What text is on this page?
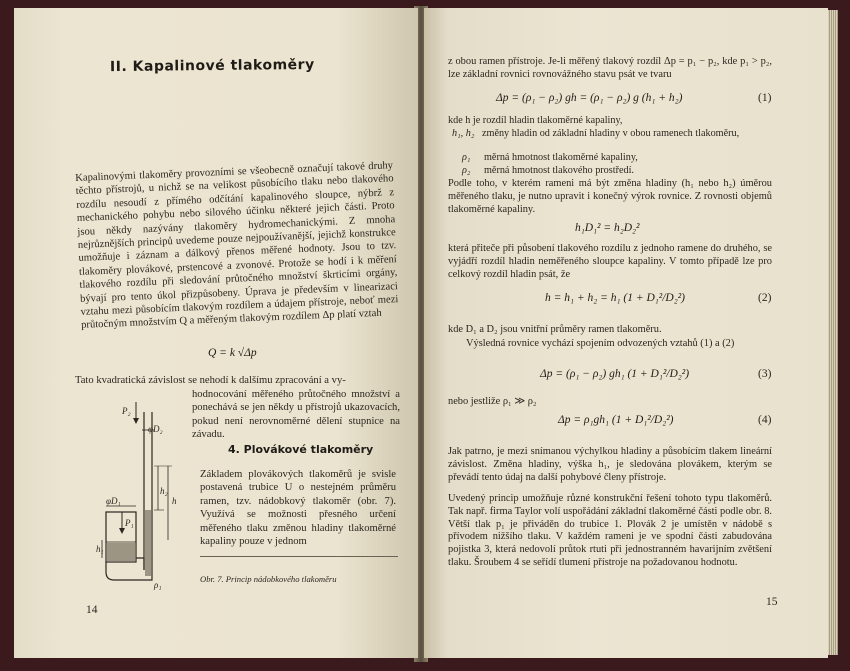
II. Kapalinové tlakoměry

Kapalinovými tlakoměry provozními se všeobecně označují takové druhy těchto přístrojů, u nichž se na velikost působícího tlaku nebo tlakového rozdílu nesoudí z přímého odčítání kapalinového sloupce, nýbrž z mechanického pohybu nebo silového účinku některé jejich části. Proto jsou někdy nazývány tlakoměry hydromechanickými. Z mnoha nejrůznějších principů uvedeme pouze nejpoužívanější, jejichž konstrukce umožňuje i záznam a dálkový přenos měřené hodnoty. Jsou to tzv. tlakoměry plovákové, prstencové a zvonové. Protože se hodí i k měření tlakového rozdílu při sledování průtočného množství škrticími orgány, bývají pro tento úkol přizpůsobeny. Úprava je především v linearizaci vztahu mezi působícím tlakovým rozdílem a údajem přístroje, neboť mezi průtočným množstvím Q a měřeným tlakovým rozdílem Δp platí vztah

Q = k √Δp

Tato kvadratická závislost se nehodí k dalšímu zpracování a vy-

hodnocování měřeného průtočného množství a ponechává se jen někdy u přístrojů ukazovacích, pokud není nerovnoměrné dělení stupnice na závadu.

P₂
φD₂
φD₁
P₁
h₂
h
h₁
ρ₁
4. Plovákové tlakoměry

Základem plovákových tlakoměrů je svisle postavená trubice U o nestejném průměru ramen, tzv. nádobkový tlakoměr (obr. 7). Využívá se možnosti přesného určení měřeného tlaku změnou hladiny tlakoměrné kapaliny pouze v jednom

Obr. 7. Princip nádobkového tlakoměru
14

z obou ramen přístroje. Je-li měřený tlakový rozdíl Δp = p₁ − p₂, kde p₁ > p₂, lze základní rovnici rovnovážného stavu psát ve tvaru

Δp = (ρ₁ − ρ₂) gh = (ρ₁ − ρ₂) g (h₁ + h₂)	(1)
kde h je rozdíl hladin tlakoměrné kapaliny,
h₁, h₂ změny hladin od základní hladiny v obou ramenech tlakoměru,
ρ₁ měrná hmotnost tlakoměrné kapaliny,
ρ₂ měrná hmotnost tlakového prostředí.

Podle toho, v kterém rameni má být změna hladiny (h₁ nebo h₂) úměrou měřeného tlaku, je nutno upravit i konečný výrok rovnice. Z rovnosti objemů tlakoměrné kapaliny.

h₁D₁² = h₂D₂²

která přiteče při působení tlakového rozdílu z jednoho ramene do druhého, se vyjádří rozdíl hladin neměřeného sloupce kapaliny. V tomto případě lze pro celkový rozdíl hladin psát, že

h = h₁ + h₂ = h₁ (1 + D₁²/D₂²)	(2)

kde D₁ a D₂ jsou vnitřní průměry ramen tlakoměru.

Výsledná rovnice vychází spojením odvozených vztahů (1) a (2)

Δp = (ρ₁ − ρ₂) gh₁ (1 + D₁²/D₂²)	(3)

nebo jestliže ρ₁ ≫ ρ₂

Δp = ρ₁gh₁ (1 + D₁²/D₂²)	(4)

Jak patrno, je mezi snímanou výchylkou hladiny a působícím tlakem lineární závislost. Změna hladiny, výška h₁, je sledována plovákem, kterým se převádí tento údaj na další pohybové členy přístroje.

Uvedený princip umožňuje různé konstrukční řešení tohoto typu tlakoměrů. Tak např. firma Taylor volí uspořádání základní tlakoměrné části podle obr. 8. Větší tlak p₁ je přiváděn do trubice 1. Plovák 2 je umístěn v nádobě s přívodem nižšího tlaku. V každém rameni je ve spodní části zabudována pojistka 3, která nedovolí průtok rtuti při jednostranném havarijním zvětšení tlaku. Šroubem 4 se seřídí tlumení přístroje na požadovanou hodnotu.

15
